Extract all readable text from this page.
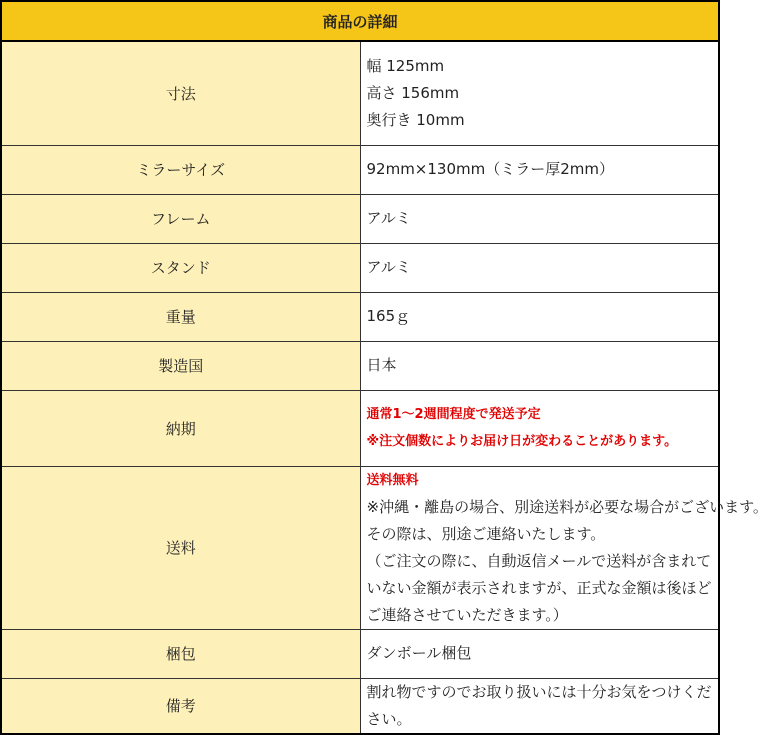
商品の詳細	
寸法	幅 125mm
高さ 156mm
奥行き 10mm

ミラーサイズ	92mm×130mm（ミラー厚2mm）
フレーム	アルミ
スタンド	アルミ
重量	165ｇ
製造国	日本
納期	通常1～2週間程度で発送予定
※注文個数によりお届け日が変わることがあります。

送料	送料無料
※沖縄・離島の場合、別途送料が必要な場合がございます。
その際は、別途ご連絡いたします。
（ご注文の際に、自動返信メールで送料が含まれていない金額が表示されますが、正式な金額は後ほどご連絡させていただきます。）

梱包	ダンボール梱包
備考	割れ物ですのでお取り扱いには十分お気をつけください。
